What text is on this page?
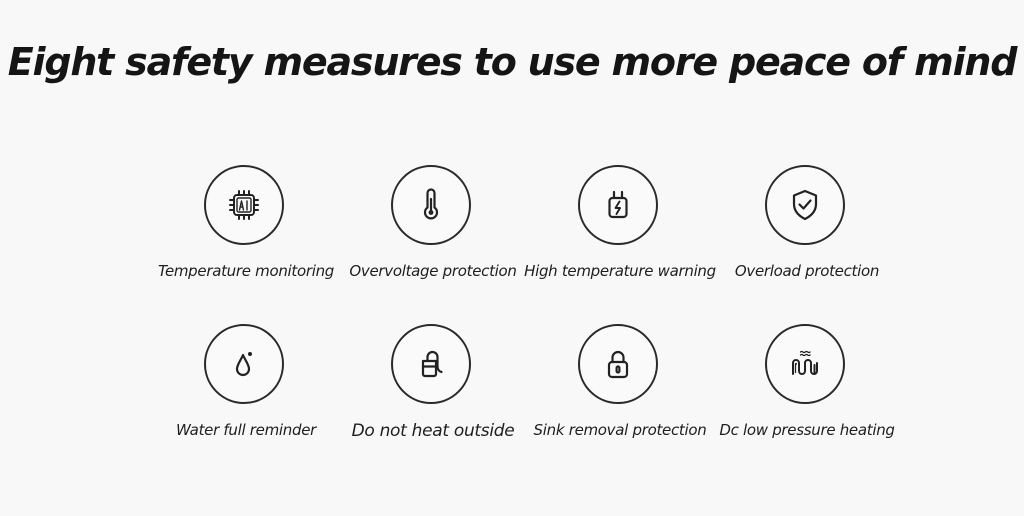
Eight safety measures to use more peace of mind
Temperature monitoring	Overvoltage protection High temperature warning	Overload protection
Water full reminder	Do not heat outside	Sink removal protection Dc low pressure heating
